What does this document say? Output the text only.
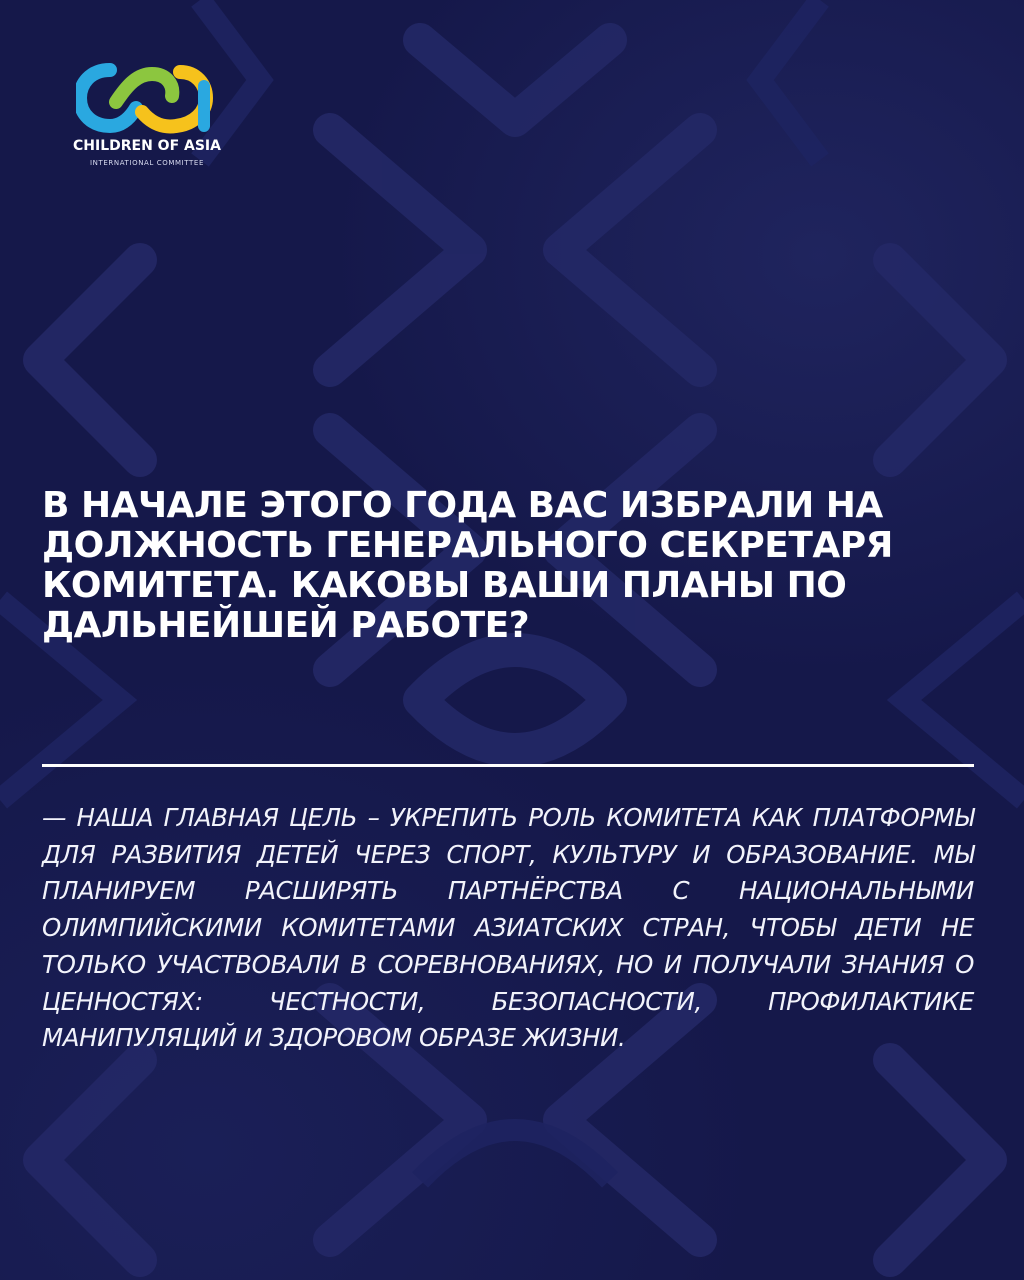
CHILDREN OF ASIA
INTERNATIONAL COMMITTEE
В НАЧАЛЕ ЭТОГО ГОДА ВАС ИЗБРАЛИ НА ДОЛЖНОСТЬ ГЕНЕРАЛЬНОГО СЕКРЕТАРЯ КОМИТЕТА. КАКОВЫ ВАШИ ПЛАНЫ ПО ДАЛЬНЕЙШЕЙ РАБОТЕ?

— НАША ГЛАВНАЯ ЦЕЛЬ – УКРЕПИТЬ РОЛЬ КОМИТЕТА КАК ПЛАТФОРМЫ ДЛЯ РАЗВИТИЯ ДЕТЕЙ ЧЕРЕЗ СПОРТ, КУЛЬТУРУ И ОБРАЗОВАНИЕ. МЫ ПЛАНИРУЕМ РАСШИРЯТЬ ПАРТНЁРСТВА С НАЦИОНАЛЬНЫМИ ОЛИМПИЙСКИМИ КОМИТЕТАМИ АЗИАТСКИХ СТРАН, ЧТОБЫ ДЕТИ НЕ ТОЛЬКО УЧАСТВОВАЛИ В СОРЕВНОВАНИЯХ, НО И ПОЛУЧАЛИ ЗНАНИЯ О ЦЕННОСТЯХ: ЧЕСТНОСТИ, БЕЗОПАСНОСТИ, ПРОФИЛАКТИКЕ МАНИПУЛЯЦИЙ И ЗДОРОВОМ ОБРАЗЕ ЖИЗНИ.
